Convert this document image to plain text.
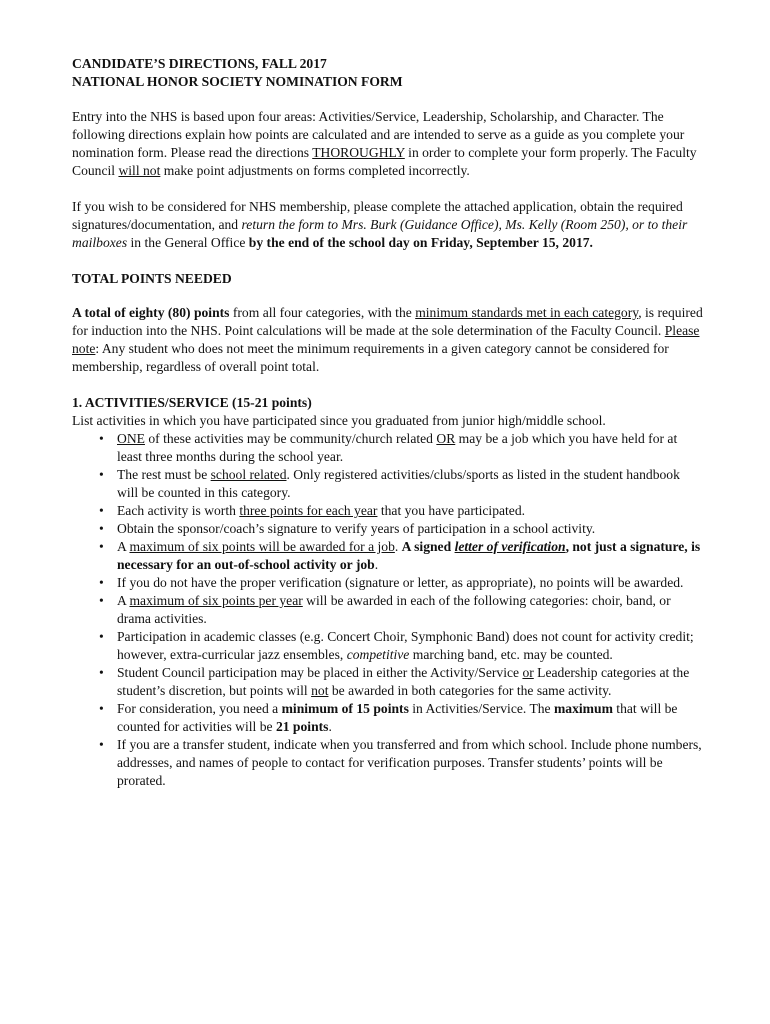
CANDIDATE’S DIRECTIONS, FALL 2017

NATIONAL HONOR SOCIETY NOMINATION FORM

Entry into the NHS is based upon four areas: Activities/Service, Leadership, Scholarship, and Character. The following directions explain how points are calculated and are intended to serve as a guide as you complete your nomination form. Please read the directions THOROUGHLY in order to complete your form properly. The Faculty Council will not make point adjustments on forms completed incorrectly.

If you wish to be considered for NHS membership, please complete the attached application, obtain the required signatures/documentation, and return the form to Mrs. Burk (Guidance Office), Ms. Kelly (Room 250), or to their mailboxes in the General Office by the end of the school day on Friday, September 15, 2017.

TOTAL POINTS NEEDED

A total of eighty (80) points from all four categories, with the minimum standards met in each category, is required for induction into the NHS. Point calculations will be made at the sole determination of the Faculty Council. Please note: Any student who does not meet the minimum requirements in a given category cannot be considered for membership, regardless of overall point total.

1. ACTIVITIES/SERVICE (15-21 points)

List activities in which you have participated since you graduated from junior high/middle school.

• ONE of these activities may be community/church related OR may be a job which you have held for at least three months during the school year.
• The rest must be school related. Only registered activities/clubs/sports as listed in the student handbook will be counted in this category.
• Each activity is worth three points for each year that you have participated.
• Obtain the sponsor/coach’s signature to verify years of participation in a school activity.
• A maximum of six points will be awarded for a job. A signed letter of verification, not just a signature, is necessary for an out-of-school activity or job.
• If you do not have the proper verification (signature or letter, as appropriate), no points will be awarded.
• A maximum of six points per year will be awarded in each of the following categories: choir, band, or drama activities.
• Participation in academic classes (e.g. Concert Choir, Symphonic Band) does not count for activity credit; however, extra-curricular jazz ensembles, competitive marching band, etc. may be counted.
• Student Council participation may be placed in either the Activity/Service or Leadership categories at the student’s discretion, but points will not be awarded in both categories for the same activity.
• For consideration, you need a minimum of 15 points in Activities/Service. The maximum that will be counted for activities will be 21 points.
• If you are a transfer student, indicate when you transferred and from which school. Include phone numbers, addresses, and names of people to contact for verification purposes. Transfer students’ points will be prorated.
